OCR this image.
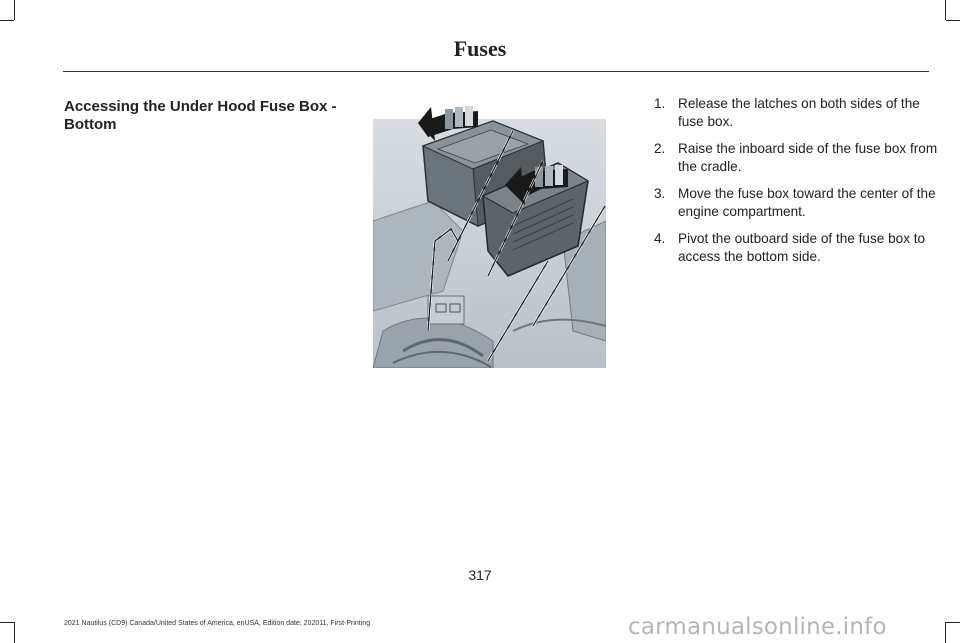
Fuses
Accessing the Under Hood Fuse Box - Bottom
1. Release the latches on both sides of the fuse box.
2. Raise the inboard side of the fuse box from the cradle.
3. Move the fuse box toward the center of the engine compartment.
4. Pivot the outboard side of the fuse box to access the bottom side.
317
2021 Nautilus (CD9) Canada/United States of America, enUSA, Edition date: 202011, First-Printing	carmanualsonline.info
